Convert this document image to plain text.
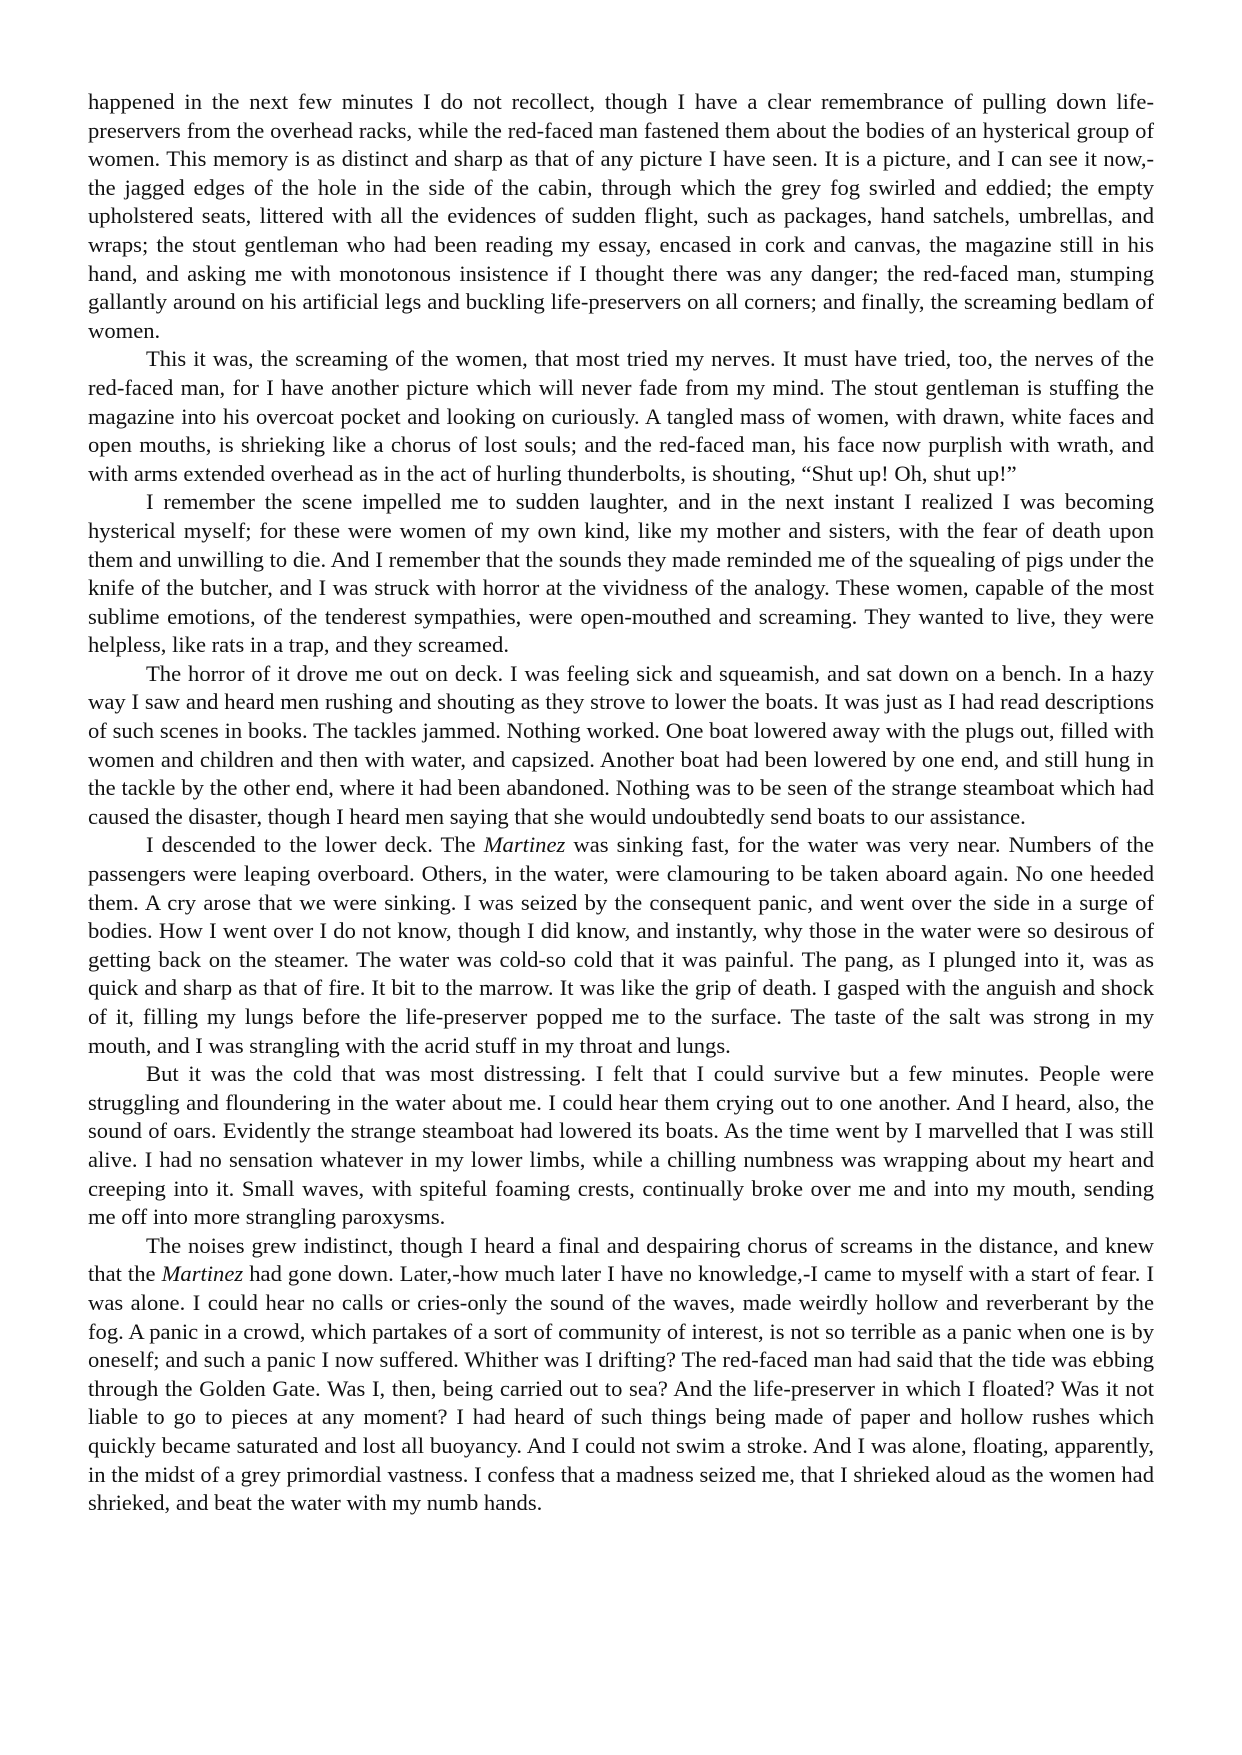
happened in the next few minutes I do not recollect, though I have a clear remembrance of pulling down life-preservers from the overhead racks, while the red-faced man fastened them about the bodies of an hysterical group of women. This memory is as distinct and sharp as that of any picture I have seen. It is a picture, and I can see it now,-the jagged edges of the hole in the side of the cabin, through which the grey fog swirled and eddied; the empty upholstered seats, littered with all the evidences of sudden flight, such as packages, hand satchels, umbrellas, and wraps; the stout gentleman who had been reading my essay, encased in cork and canvas, the magazine still in his hand, and asking me with monotonous insistence if I thought there was any danger; the red-faced man, stumping gallantly around on his artificial legs and buckling life-preservers on all corners; and finally, the screaming bedlam of women.

This it was, the screaming of the women, that most tried my nerves. It must have tried, too, the nerves of the red-faced man, for I have another picture which will never fade from my mind. The stout gentleman is stuffing the magazine into his overcoat pocket and looking on curiously. A tangled mass of women, with drawn, white faces and open mouths, is shrieking like a chorus of lost souls; and the red-faced man, his face now purplish with wrath, and with arms extended overhead as in the act of hurling thunderbolts, is shouting, “Shut up! Oh, shut up!”

I remember the scene impelled me to sudden laughter, and in the next instant I realized I was becoming hysterical myself; for these were women of my own kind, like my mother and sisters, with the fear of death upon them and unwilling to die. And I remember that the sounds they made reminded me of the squealing of pigs under the knife of the butcher, and I was struck with horror at the vividness of the analogy. These women, capable of the most sublime emotions, of the tenderest sympathies, were open-mouthed and screaming. They wanted to live, they were helpless, like rats in a trap, and they screamed.

The horror of it drove me out on deck. I was feeling sick and squeamish, and sat down on a bench. In a hazy way I saw and heard men rushing and shouting as they strove to lower the boats. It was just as I had read descriptions of such scenes in books. The tackles jammed. Nothing worked. One boat lowered away with the plugs out, filled with women and children and then with water, and capsized. Another boat had been lowered by one end, and still hung in the tackle by the other end, where it had been abandoned. Nothing was to be seen of the strange steamboat which had caused the disaster, though I heard men saying that she would undoubtedly send boats to our assistance.

I descended to the lower deck. The Martinez was sinking fast, for the water was very near. Numbers of the passengers were leaping overboard. Others, in the water, were clamouring to be taken aboard again. No one heeded them. A cry arose that we were sinking. I was seized by the consequent panic, and went over the side in a surge of bodies. How I went over I do not know, though I did know, and instantly, why those in the water were so desirous of getting back on the steamer. The water was cold-so cold that it was painful. The pang, as I plunged into it, was as quick and sharp as that of fire. It bit to the marrow. It was like the grip of death. I gasped with the anguish and shock of it, filling my lungs before the life-preserver popped me to the surface. The taste of the salt was strong in my mouth, and I was strangling with the acrid stuff in my throat and lungs.

But it was the cold that was most distressing. I felt that I could survive but a few minutes. People were struggling and floundering in the water about me. I could hear them crying out to one another. And I heard, also, the sound of oars. Evidently the strange steamboat had lowered its boats. As the time went by I marvelled that I was still alive. I had no sensation whatever in my lower limbs, while a chilling numbness was wrapping about my heart and creeping into it. Small waves, with spiteful foaming crests, continually broke over me and into my mouth, sending me off into more strangling paroxysms.

The noises grew indistinct, though I heard a final and despairing chorus of screams in the distance, and knew that the Martinez had gone down. Later,-how much later I have no knowledge,-I came to myself with a start of fear. I was alone. I could hear no calls or cries-only the sound of the waves, made weirdly hollow and reverberant by the fog. A panic in a crowd, which partakes of a sort of community of interest, is not so terrible as a panic when one is by oneself; and such a panic I now suffered. Whither was I drifting? The red-faced man had said that the tide was ebbing through the Golden Gate. Was I, then, being carried out to sea? And the life-preserver in which I floated? Was it not liable to go to pieces at any moment? I had heard of such things being made of paper and hollow rushes which quickly became saturated and lost all buoyancy. And I could not swim a stroke. And I was alone, floating, apparently, in the midst of a grey primordial vastness. I confess that a madness seized me, that I shrieked aloud as the women had shrieked, and beat the water with my numb hands.
